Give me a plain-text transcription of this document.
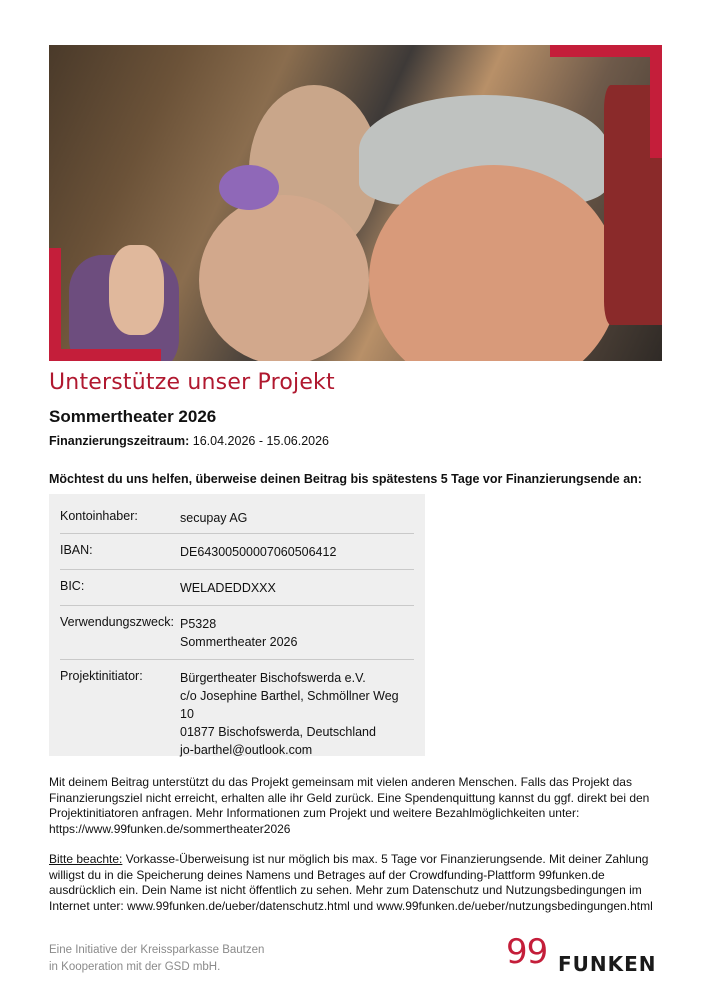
Unterstütze unser Projekt
Sommertheater 2026
Finanzierungszeitraum: 16.04.2026 - 15.06.2026
Möchtest du uns helfen, überweise deinen Beitrag bis spätestens 5 Tage vor Finanzierungsende an:
Kontoinhaber:	secupay AG
IBAN:	DE64300500007060506412
BIC:	WELADEDDXXX
Verwendungszweck: P5328
Sommertheater 2026
Projektinitiator:	Bürgertheater Bischofswerda e.V.
c/o Josephine Barthel, Schmöllner Weg 10
01877 Bischofswerda, Deutschland
jo-barthel@outlook.com

Mit deinem Beitrag unterstützt du das Projekt gemeinsam mit vielen anderen Menschen. Falls das Projekt das Finanzierungsziel nicht erreicht, erhalten alle ihr Geld zurück. Eine Spendenquittung kannst du ggf. direkt bei den Projektinitiatoren anfragen. Mehr Informationen zum Projekt und weitere Bezahlmöglichkeiten unter: https://www.99funken.de/sommertheater2026

Bitte beachte: Vorkasse-Überweisung ist nur möglich bis max. 5 Tage vor Finanzierungsende. Mit deiner Zahlung willigst du in die Speicherung deines Namens und Betrages auf der Crowdfunding-Plattform 99funken.de ausdrücklich ein. Dein Name ist nicht öffentlich zu sehen. Mehr zum Datenschutz und Nutzungsbedingungen im Internet unter: www.99funken.de/ueber/datenschutz.html und www.99funken.de/ueber/nutzungsbedingungen.html

Eine Initiative der Kreissparkasse Bautzen
in Kooperation mit der GSD mbH.	99 FUNKEN
